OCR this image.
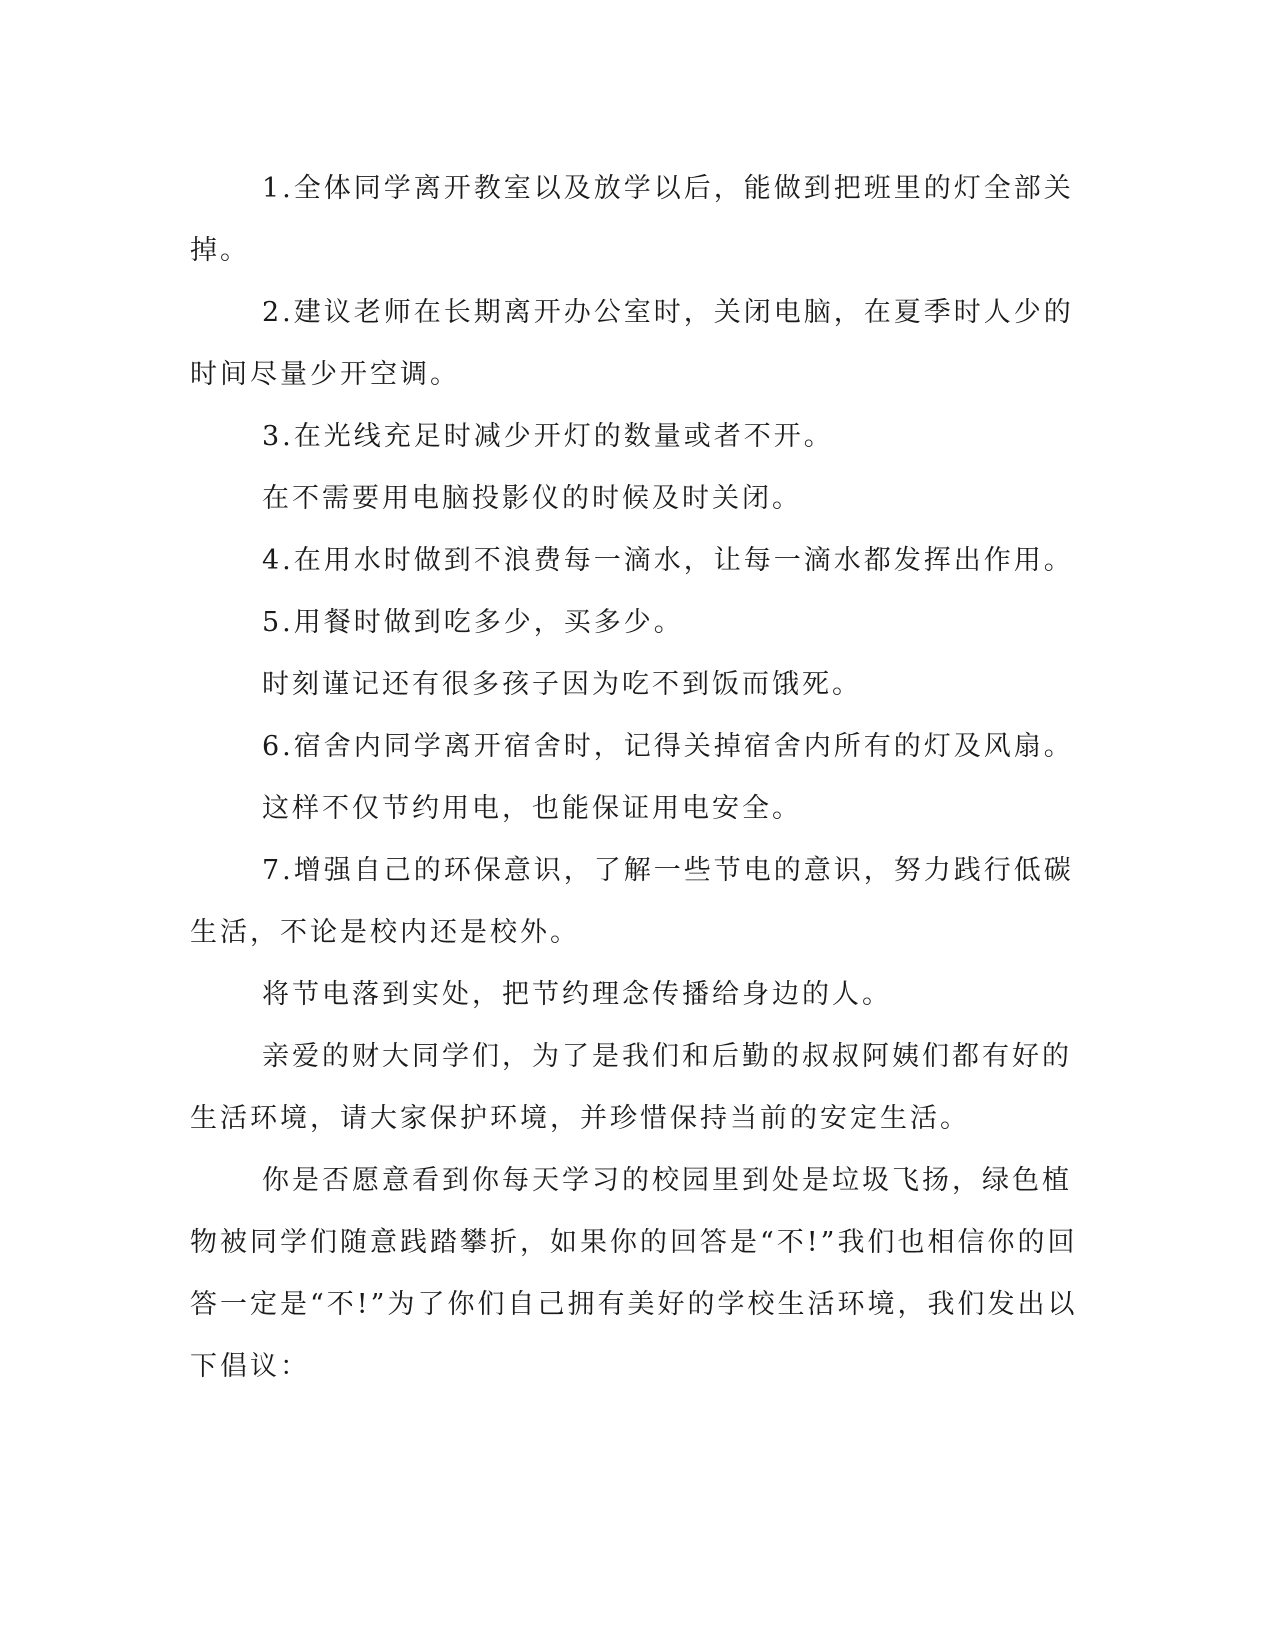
1.全体同学离开教室以及放学以后，能做到把班里的灯全部关掉。

2.建议老师在长期离开办公室时，关闭电脑，在夏季时人少的时间尽量少开空调。

3.在光线充足时减少开灯的数量或者不开。

在不需要用电脑投影仪的时候及时关闭。

4.在用水时做到不浪费每一滴水，让每一滴水都发挥出作用。

5.用餐时做到吃多少，买多少。

时刻谨记还有很多孩子因为吃不到饭而饿死。

6.宿舍内同学离开宿舍时，记得关掉宿舍内所有的灯及风扇。

这样不仅节约用电，也能保证用电安全。

7.增强自己的环保意识，了解一些节电的意识，努力践行低碳生活，不论是校内还是校外。

将节电落到实处，把节约理念传播给身边的人。

亲爱的财大同学们，为了是我们和后勤的叔叔阿姨们都有好的生活环境，请大家保护环境，并珍惜保持当前的安定生活。

你是否愿意看到你每天学习的校园里到处是垃圾飞扬，绿色植物被同学们随意践踏攀折，如果你的回答是“不!”我们也相信你的回答一定是“不!”为了你们自己拥有美好的学校生活环境，我们发出以下倡议：
